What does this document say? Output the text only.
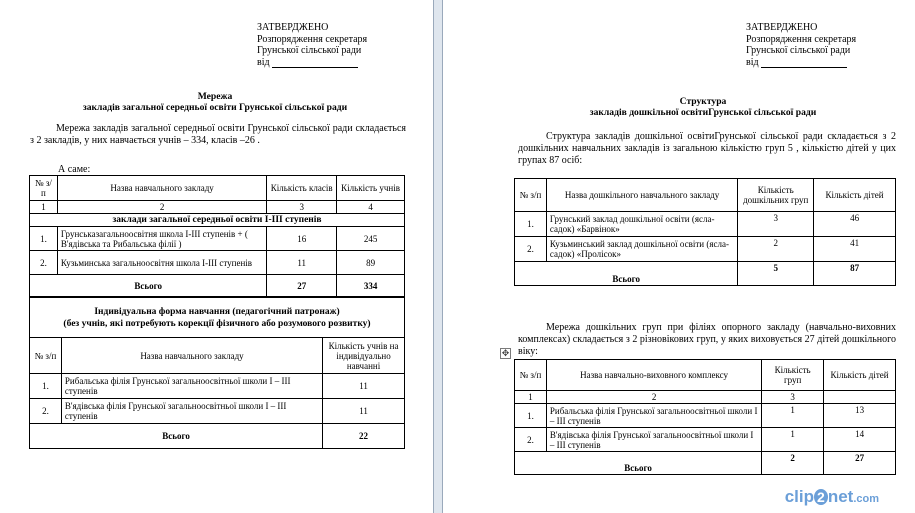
ЗАТВЕРДЖЕНО
Розпорядження секретаря
Грунської сільської ради
від
Мережа
закладів загальної середньої освіти Грунської сільської ради
Мережа закладів загальної середньої освіти Грунської сільської ради складається з 2 закладів, у них навчається учнів – 334, класів –26 .
А саме:
№ з/п	Назва навчального закладу	Кількість класів	Кількість учнів
1	2	3	4
заклади загальної середньої освіти І-ІІІ ступенів			
1.	Грунськазагальноосвітня школа І-ІІІ ступенів + ( В'ядівська та Рибальська філії )	16	245
2.	Кузьминська загальноосвітня школа І-ІІІ ступенів	11	89
Всього		27	334
Індивідуальна форма навчання (педагогічний патронаж)
(без учнів, які потребують корекції фізичного або розумового розвитку)		

№ з/п	Назва навчального закладу	Кількість учнів на індивідуально навчанні
1.	Рибальська філія Грунської загальноосвітньої школи І – ІІІ ступенів	11
2.	В'ядівська філія Грунської загальноосвітньої школи І – ІІІ ступенів	11
Всього		22
ЗАТВЕРДЖЕНО
Розпорядження секретаря
Грунської сільської ради
від
Структура
закладів дошкільної освітиГрунської сільської ради
Структура закладів дошкільної освітиГрунської сільської ради складається з 2 дошкільних навчальних закладів із загальною кількістю груп 5 , кількістю дітей у цих групах 87 осіб:
№ з/п	Назва дошкільного навчального закладу	Кількість дошкільних груп	Кількість дітей
1.	Грунський заклад дошкільної освіти (ясла-садок) «Барвінок»	3	46
2.	Кузьминський заклад дошкільної освіти (ясла-садок) «Пролісок»	2	41
Всього		5	87
Мережа дошкільних груп при філіях опорного закладу (навчально-виховних комплексах) складається з 2 різновікових груп, у яких виховується 27 дітей дошкільного віку:
№ з/п	Назва навчально-виховного комплексу	Кількість груп	Кількість дітей
1	2	3	
1.	Рибальська філія Грунської загальноосвітньої школи І – ІІІ ступенів	1	13
2.	В'ядівська філія Грунської загальноосвітньої школи І – ІІІ ступенів	1	14
Всього		2	27
✥
clip 2 net.com
